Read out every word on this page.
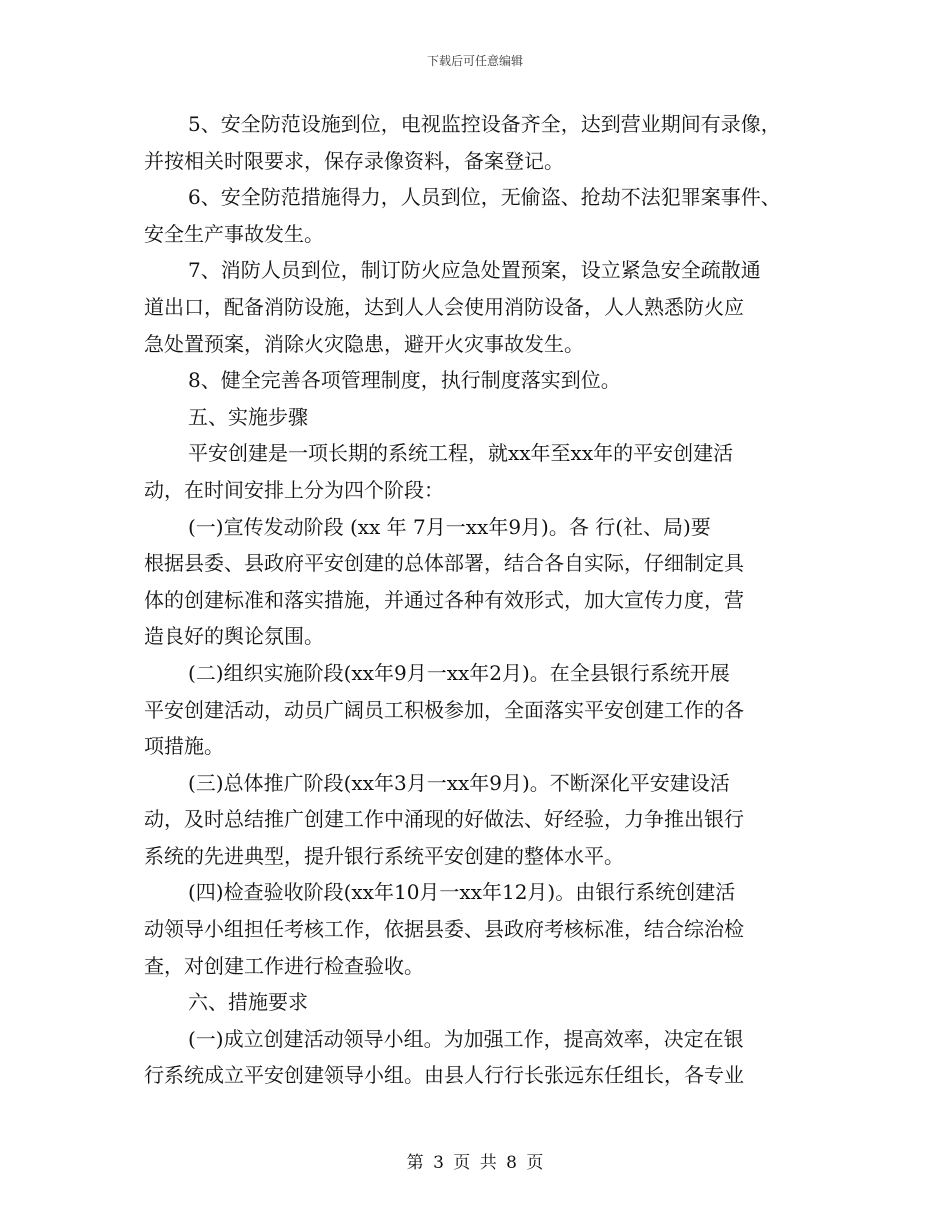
下载后可任意编辑
5、安全防范设施到位，电视监控设备齐全，达到营业期间有录像，
并按相关时限要求，保存录像资料，备案登记。
6、安全防范措施得力，人员到位，无偷盗、抢劫不法犯罪案事件、
安全生产事故发生。
7、消防人员到位，制订防火应急处置预案，设立紧急安全疏散通
道出口，配备消防设施，达到人人会使用消防设备，人人熟悉防火应
急处置预案，消除火灾隐患，避开火灾事故发生。
8、健全完善各项管理制度，执行制度落实到位。
五、实施步骤
平安创建是一项长期的系统工程，就xx年至xx年的平安创建活
动，在时间安排上分为四个阶段：
(一)宣传发动阶段 (xx 年 7月一xx年9月)。各 行(社、局)要
根据县委、县政府平安创建的总体部署，结合各自实际，仔细制定具
体的创建标准和落实措施，并通过各种有效形式，加大宣传力度，营
造良好的舆论氛围。
(二)组织实施阶段(xx年9月一xx年2月)。在全县银行系统开展
平安创建活动，动员广阔员工积极参加，全面落实平安创建工作的各
项措施。
(三)总体推广阶段(xx年3月一xx年9月)。不断深化平安建设活
动，及时总结推广创建工作中涌现的好做法、好经验，力争推出银行
系统的先进典型，提升银行系统平安创建的整体水平。
(四)检查验收阶段(xx年10月一xx年12月)。由银行系统创建活
动领导小组担任考核工作，依据县委、县政府考核标准，结合综治检
查，对创建工作进行检查验收。
六、措施要求
(一)成立创建活动领导小组。为加强工作，提高效率，决定在银
行系统成立平安创建领导小组。由县人行行长张远东任组长，各专业
第 3 页 共 8 页
